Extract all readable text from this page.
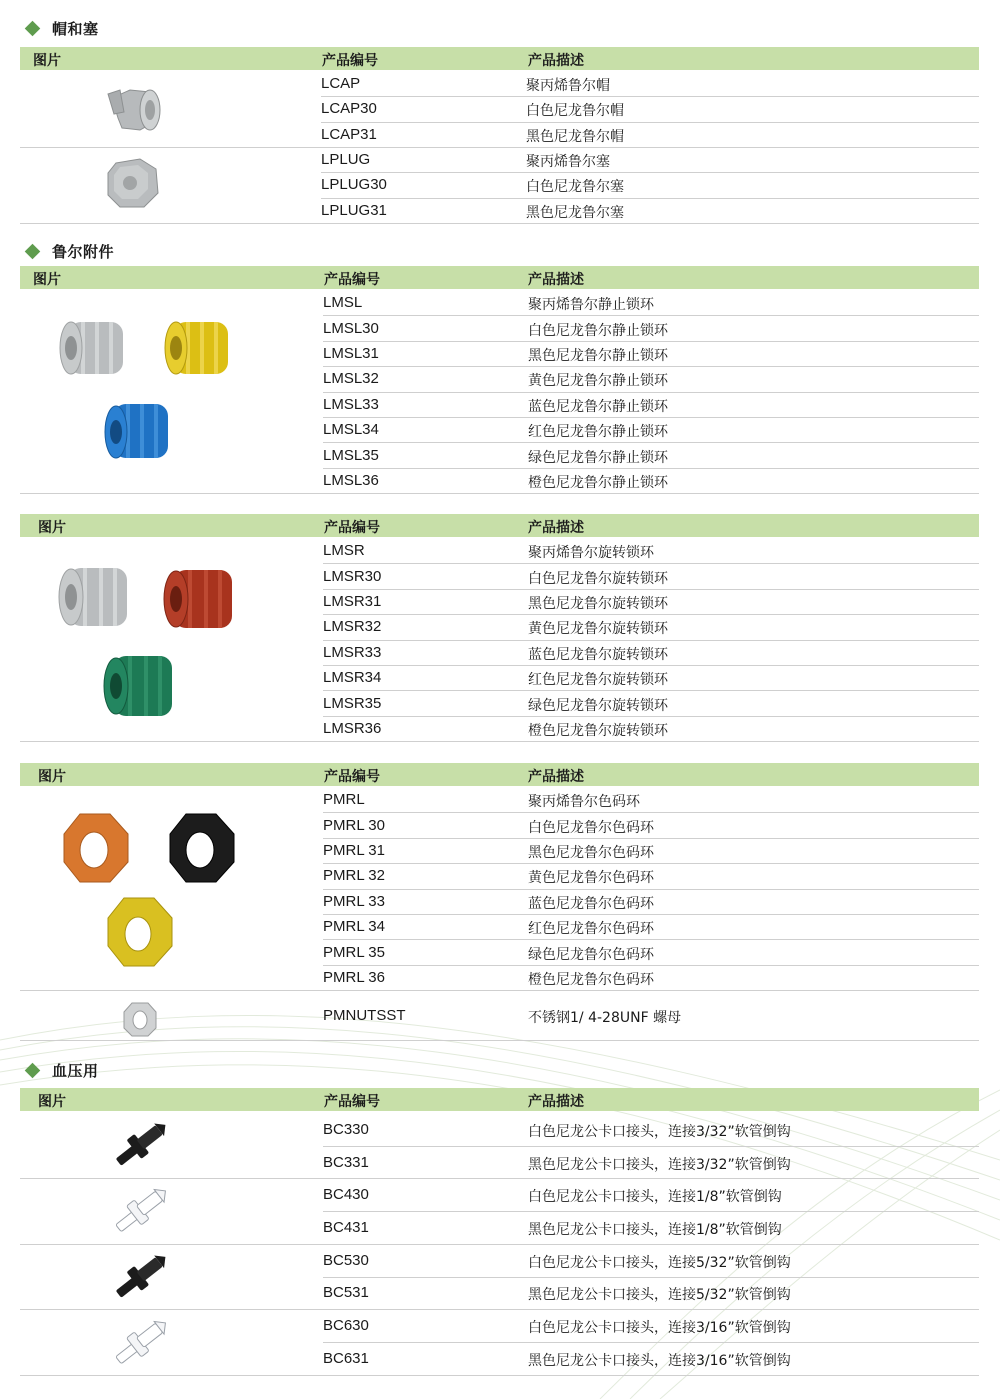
帽和塞
图片	产品编号	产品描述
LCAP	聚丙烯鲁尔帽
LCAP30	白色尼龙鲁尔帽
LCAP31	黑色尼龙鲁尔帽
LPLUG	聚丙烯鲁尔塞
LPLUG30	白色尼龙鲁尔塞
LPLUG31	黑色尼龙鲁尔塞
鲁尔附件
图片	产品编号	产品描述
LMSL	聚丙烯鲁尔静止锁环
LMSL30	白色尼龙鲁尔静止锁环
LMSL31	黑色尼龙鲁尔静止锁环
LMSL32	黄色尼龙鲁尔静止锁环
LMSL33	蓝色尼龙鲁尔静止锁环
LMSL34	红色尼龙鲁尔静止锁环
LMSL35	绿色尼龙鲁尔静止锁环
LMSL36	橙色尼龙鲁尔静止锁环
图片	产品编号	产品描述
LMSR	聚丙烯鲁尔旋转锁环
LMSR30	白色尼龙鲁尔旋转锁环
LMSR31	黑色尼龙鲁尔旋转锁环
LMSR32	黄色尼龙鲁尔旋转锁环
LMSR33	蓝色尼龙鲁尔旋转锁环
LMSR34	红色尼龙鲁尔旋转锁环
LMSR35	绿色尼龙鲁尔旋转锁环
LMSR36	橙色尼龙鲁尔旋转锁环
图片	产品编号	产品描述
PMRL	聚丙烯鲁尔色码环
PMRL 30	白色尼龙鲁尔色码环
PMRL 31	黑色尼龙鲁尔色码环
PMRL 32	黄色尼龙鲁尔色码环
PMRL 33	蓝色尼龙鲁尔色码环
PMRL 34	红色尼龙鲁尔色码环
PMRL 35	绿色尼龙鲁尔色码环
PMRL 36	橙色尼龙鲁尔色码环
PMNUTSST	不锈钢1/ 4-28UNF 螺母
血压用
图片	产品编号	产品描述
BC330	白色尼龙公卡口接头，连接3/32”软管倒钩
BC331	黑色尼龙公卡口接头，连接3/32”软管倒钩
BC430	白色尼龙公卡口接头，连接1/8”软管倒钩
BC431	黑色尼龙公卡口接头，连接1/8”软管倒钩
BC530	白色尼龙公卡口接头，连接5/32”软管倒钩
BC531	黑色尼龙公卡口接头，连接5/32”软管倒钩
BC630	白色尼龙公卡口接头，连接3/16”软管倒钩
BC631	黑色尼龙公卡口接头，连接3/16”软管倒钩
